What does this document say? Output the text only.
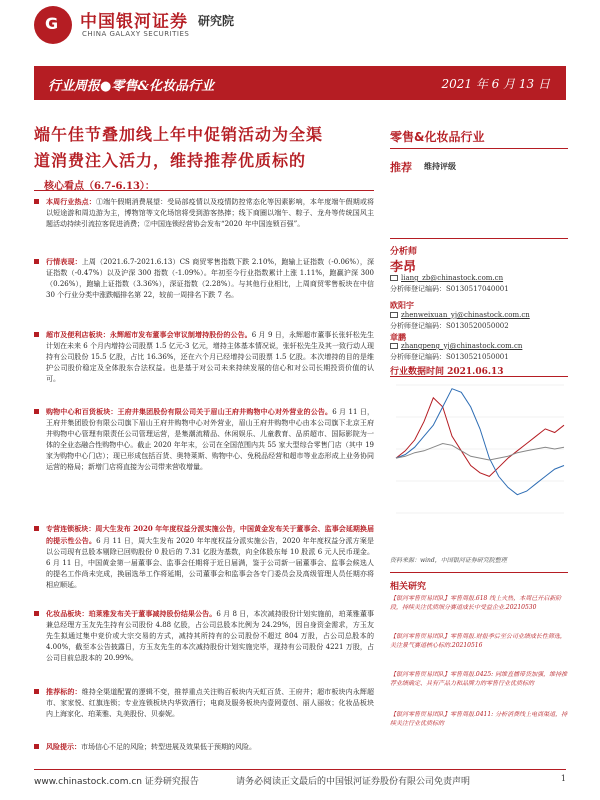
G 中国银河证券
CHINA GALAXY SECURITIES
研究院
行业周报●零售&化妆品行业	2021 年 6 月 13 日
端午佳节叠加线上年中促销活动为全渠
道消费注入活力，维持推荐优质标的
核心看点（6.7-6.13）：
本周行业热点：①端午假期消费展望：受局部疫情以及疫情防控常态化等因素影响，本年度端午假期或将以短途游和周边游为主，博物馆等文化场馆将受到游客热捧；线下商圈以端午、粽子、龙舟等传统国风主题活动持续引流拉客促进消费；②中国连锁经营协会发布“2020 年中国连锁百强”。
行情表现：上周（2021.6.7-2021.6.13）CS 商贸零售指数下跌 2.10%，跑输上证指数（-0.06%），深证指数（-0.47%）以及沪深 300 指数（-1.09%）。年初至今行业指数累计上涨 1.11%，跑赢沪深 300（0.26%），跑输上证指数（3.36%），深证指数（2.28%）。与其他行业相比，上周商贸零售板块在中信 30 个行业分类中涨跌幅排名第 22，较前一周排名下跌 7 名。
超市及便利店板块：永辉超市发布董事会审议制增持股份的公告。6 月 9 日，永辉超市董事长张轩松先生计划在未来 6 个月内增持公司股票 1.5 亿元-3 亿元，增持主体基本情况说，张轩松先生及其一致行动人现持有公司股份 15.5 亿股，占比 16.36%，还在六个月已经增持公司股票 1.5 亿股。本次增持的目的是维护公司股价稳定及全体股东合法权益。也是基于对公司未来持续发展的信心和对公司长期投资价值的认可。
购物中心和百货板块：王府井集团股份有限公司关于眉山王府井购物中心对外营业的公告。6 月 11 日，王府井集团股份有限公司旗下眉山王府井购物中心对外营业，眉山王府井购物中心由本公司旗下北京王府井购物中心管理有限责任公司管理运营，是集潮流精品、休闲娱乐、儿童教育、品质超市、国际影院为一体的全业态融合性购物中心。截止 2020 年年末，公司在全国范围内共 55 家大型综合零售门店（其中 19 家为购物中心门店）；现已形成包括百货、奥特莱斯、购物中心、免税品经营和超市等业态形成上业务协同运营的格局；新增门店将直接为公司带来营收增量。
专营连锁板块：周大生发布 2020 年年度权益分派实施公告，中国黄金发布关于董事会、监事会延期换届的提示性公告。6 月 11 日，周大生发布 2020 年年度权益分派实施公告，2020 年年度权益分派方案是以公司现有总股本剔除已回购股份 0 股后的 7.31 亿股为基数，向全体股东每 10 股派 6 元人民币现金。6 月 11 日，中国黄金第一届董事会、监事会任期将于近日届满，鉴于公司新一届董事会、监事会候选人的提名工作尚未完成，换届选举工作将延期，公司董事会和监事会各专门委员会及高级管理人员任期亦将相应顺延。
化妆品板块：珀莱雅发布关于董事减持股份结果公告。6 月 8 日，本次减持股份计划实施前，珀莱雅董事兼总经理方玉友先生持有公司股份 4.88 亿股，占公司总股本比例为 24.29%，因自身资金需求，方玉友先生拟通过集中竞价或大宗交易的方式，减持其所持有的公司股份不超过 804 万股，占公司总股本的 4.00%，截至本公告披露日，方玉友先生的本次减持股份计划实施完毕，现持有公司股份 4221 万股，占公司目前总股本的 20.99%。
推荐标的：维持全渠道配置的逻辑不变，推荐重点关注购百板块内天虹百货、王府井；超市板块内永辉超市、家家悦、红旗连锁；专业连锁板块内华致酒行；电商及服务板块内壹网壹创、丽人丽妆；化妆品板块内上海家化、珀莱雅、丸美股份、贝泰妮。
风险提示：市场信心不足的风险；转型进展及效果低于预期的风险。
零售&化妆品行业
推荐 维持评级
分析师
李昂
liang_zb@chinastock.com.cn
分析师登记编码：S0130517040001
欧阳宇
zhenweixuan_yj@chinastock.com.cn
分析师登记编码：S0130520050002
章鹏
zhangpeng_yj@chinastock.com.cn
分析师登记编码：S0130521050001
行业数据时间 2021.06.13
资料来源：wind，中国银河证券研究院整理
相关研究
【银河零售贸易团队】零售周报.618 线上火热，本周已开启新阶段，持续关注优质细分赛道成长中受益企业.20210530
【银河零售贸易团队】零售周报.财报季后至公司业绩成长性筛选，关注景气赛道核心标的.20210516
【银河零售贸易团队】零售周报.0425: 同维直播带货加强，维持推荐业绩确定、具有产品力和品牌力的零售行业优质标的
【银河零售贸易团队】零售周报.0411: 分析消费线上电商渠道，持续关注行业优质标的
www.chinastock.com.cn 证券研究报告	请务必阅读正文最后的中国银河证券股份有限公司免责声明	1
